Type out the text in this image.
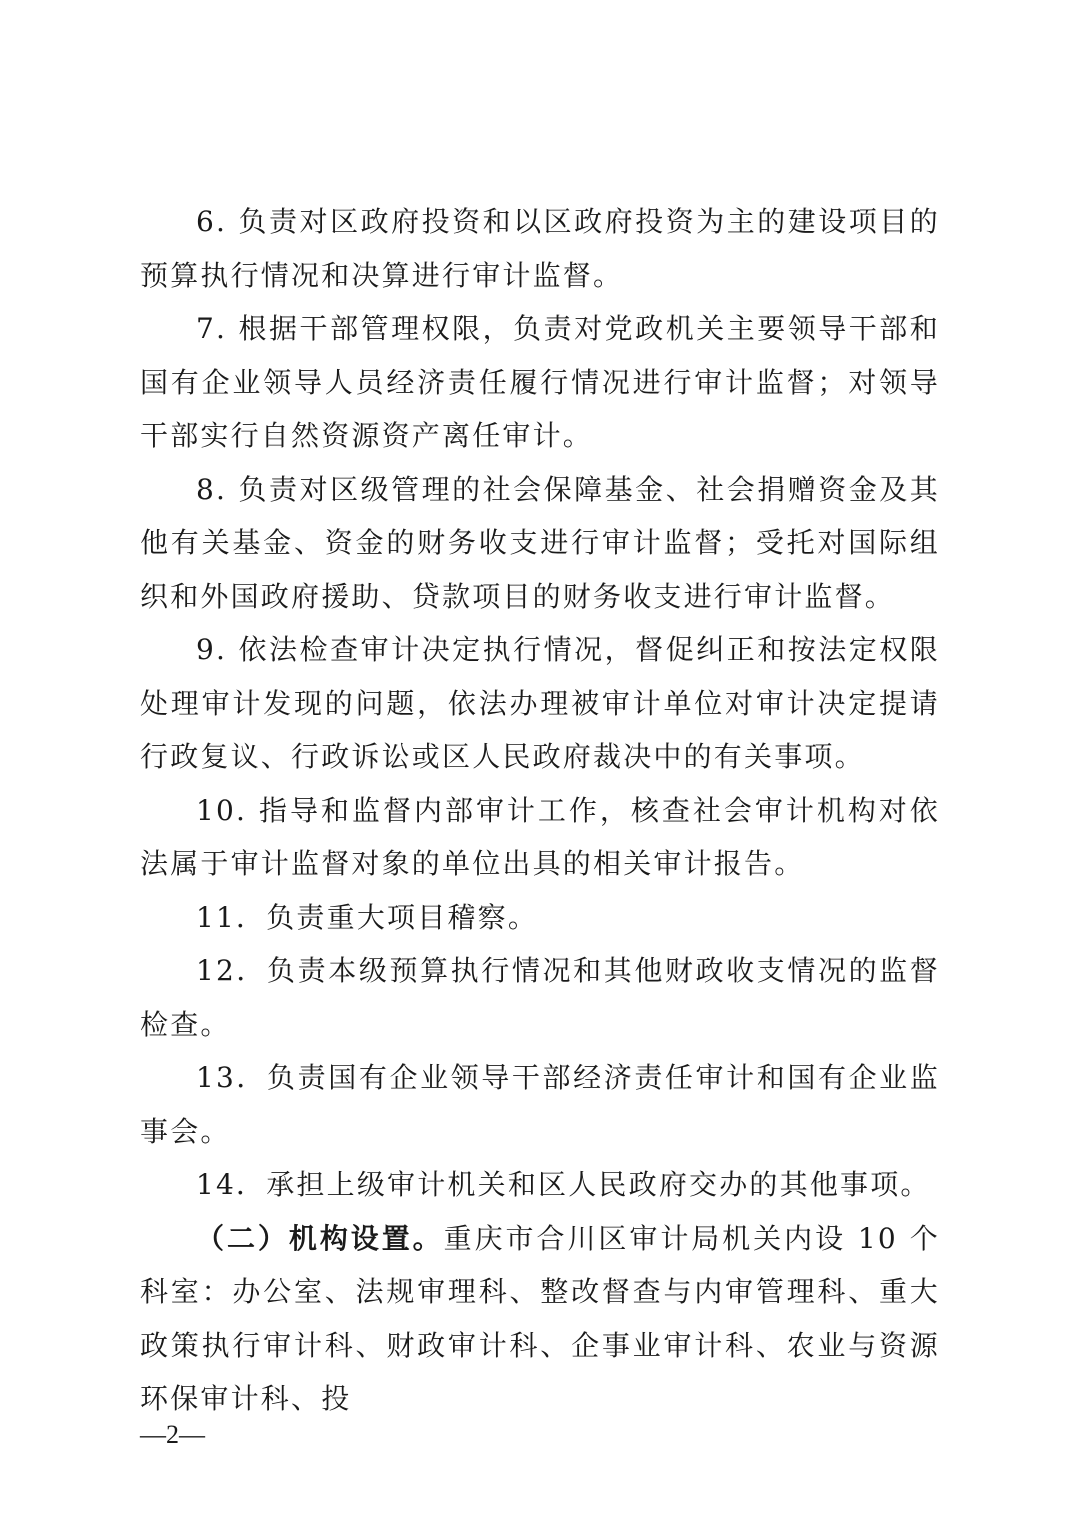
6. 负责对区政府投资和以区政府投资为主的建设项目的预算执行情况和决算进行审计监督。

7. 根据干部管理权限，负责对党政机关主要领导干部和国有企业领导人员经济责任履行情况进行审计监督；对领导干部实行自然资源资产离任审计。

8. 负责对区级管理的社会保障基金、社会捐赠资金及其他有关基金、资金的财务收支进行审计监督；受托对国际组织和外国政府援助、贷款项目的财务收支进行审计监督。

9. 依法检查审计决定执行情况，督促纠正和按法定权限处理审计发现的问题，依法办理被审计单位对审计决定提请行政复议、行政诉讼或区人民政府裁决中的有关事项。

10. 指导和监督内部审计工作，核查社会审计机构对依法属于审计监督对象的单位出具的相关审计报告。

11．负责重大项目稽察。

12．负责本级预算执行情况和其他财政收支情况的监督检查。

13．负责国有企业领导干部经济责任审计和国有企业监事会。

14．承担上级审计机关和区人民政府交办的其他事项。

（二）机构设置。重庆市合川区审计局机关内设 10 个科室：办公室、法规审理科、整改督查与内审管理科、重大政策执行审计科、财政审计科、企事业审计科、农业与资源环保审计科、投

—2—
